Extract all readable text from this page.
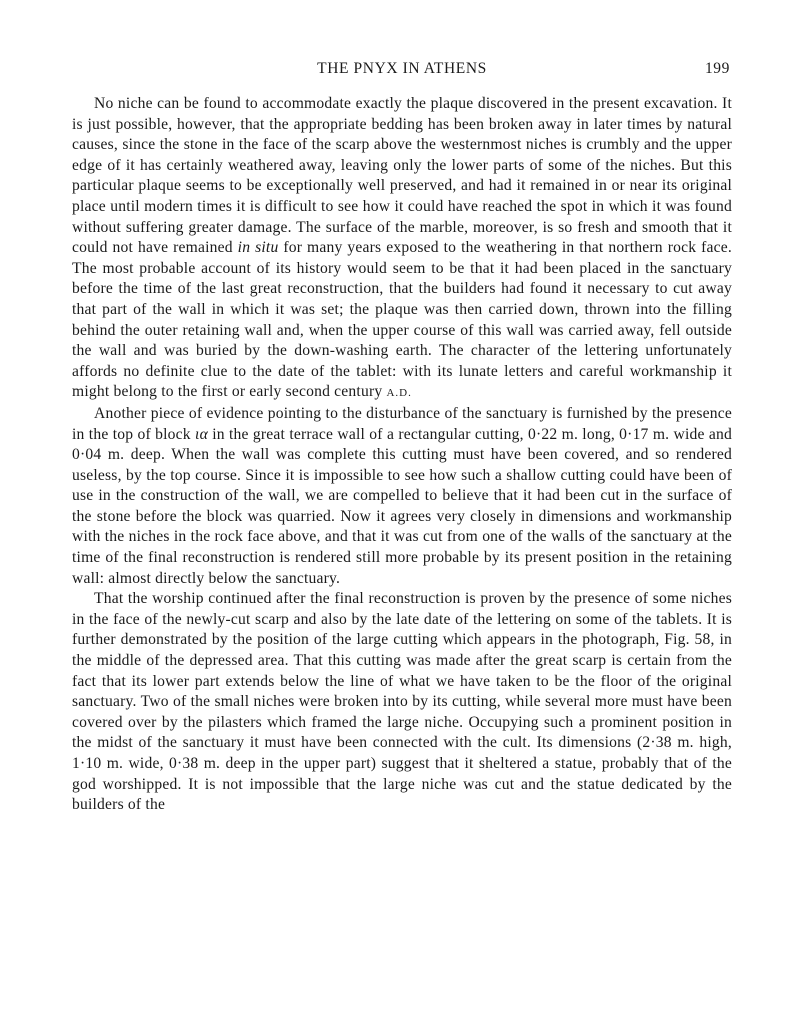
THE PNYX IN ATHENS	199

No niche can be found to accommodate exactly the plaque discovered in the present excavation. It is just possible, however, that the appropriate bedding has been broken away in later times by natural causes, since the stone in the face of the scarp above the westernmost niches is crumbly and the upper edge of it has certainly weathered away, leaving only the lower parts of some of the niches. But this particular plaque seems to be exceptionally well preserved, and had it remained in or near its original place until modern times it is difficult to see how it could have reached the spot in which it was found without suffering greater damage. The surface of the marble, moreover, is so fresh and smooth that it could not have remained in situ for many years exposed to the weathering in that northern rock face. The most probable account of its history would seem to be that it had been placed in the sanctuary before the time of the last great reconstruction, that the builders had found it necessary to cut away that part of the wall in which it was set; the plaque was then carried down, thrown into the filling behind the outer retaining wall and, when the upper course of this wall was carried away, fell outside the wall and was buried by the down-washing earth. The character of the lettering unfortunately affords no definite clue to the date of the tablet: with its lunate letters and careful workmanship it might belong to the first or early second century A.D.

Another piece of evidence pointing to the disturbance of the sanctuary is furnished by the presence in the top of block ια in the great terrace wall of a rectangular cutting, 0·22 m. long, 0·17 m. wide and 0·04 m. deep. When the wall was complete this cutting must have been covered, and so rendered useless, by the top course. Since it is impossible to see how such a shallow cutting could have been of use in the construction of the wall, we are compelled to believe that it had been cut in the surface of the stone before the block was quarried. Now it agrees very closely in dimensions and workmanship with the niches in the rock face above, and that it was cut from one of the walls of the sanctuary at the time of the final reconstruction is rendered still more probable by its present position in the retaining wall: almost directly below the sanctuary.

That the worship continued after the final reconstruction is proven by the presence of some niches in the face of the newly-cut scarp and also by the late date of the lettering on some of the tablets. It is further demonstrated by the position of the large cutting which appears in the photograph, Fig. 58, in the middle of the depressed area. That this cutting was made after the great scarp is certain from the fact that its lower part extends below the line of what we have taken to be the floor of the original sanctuary. Two of the small niches were broken into by its cutting, while several more must have been covered over by the pilasters which framed the large niche. Occupying such a prominent position in the midst of the sanctuary it must have been connected with the cult. Its dimensions (2·38 m. high, 1·10 m. wide, 0·38 m. deep in the upper part) suggest that it sheltered a statue, probably that of the god worshipped. It is not impossible that the large niche was cut and the statue dedicated by the builders of the
